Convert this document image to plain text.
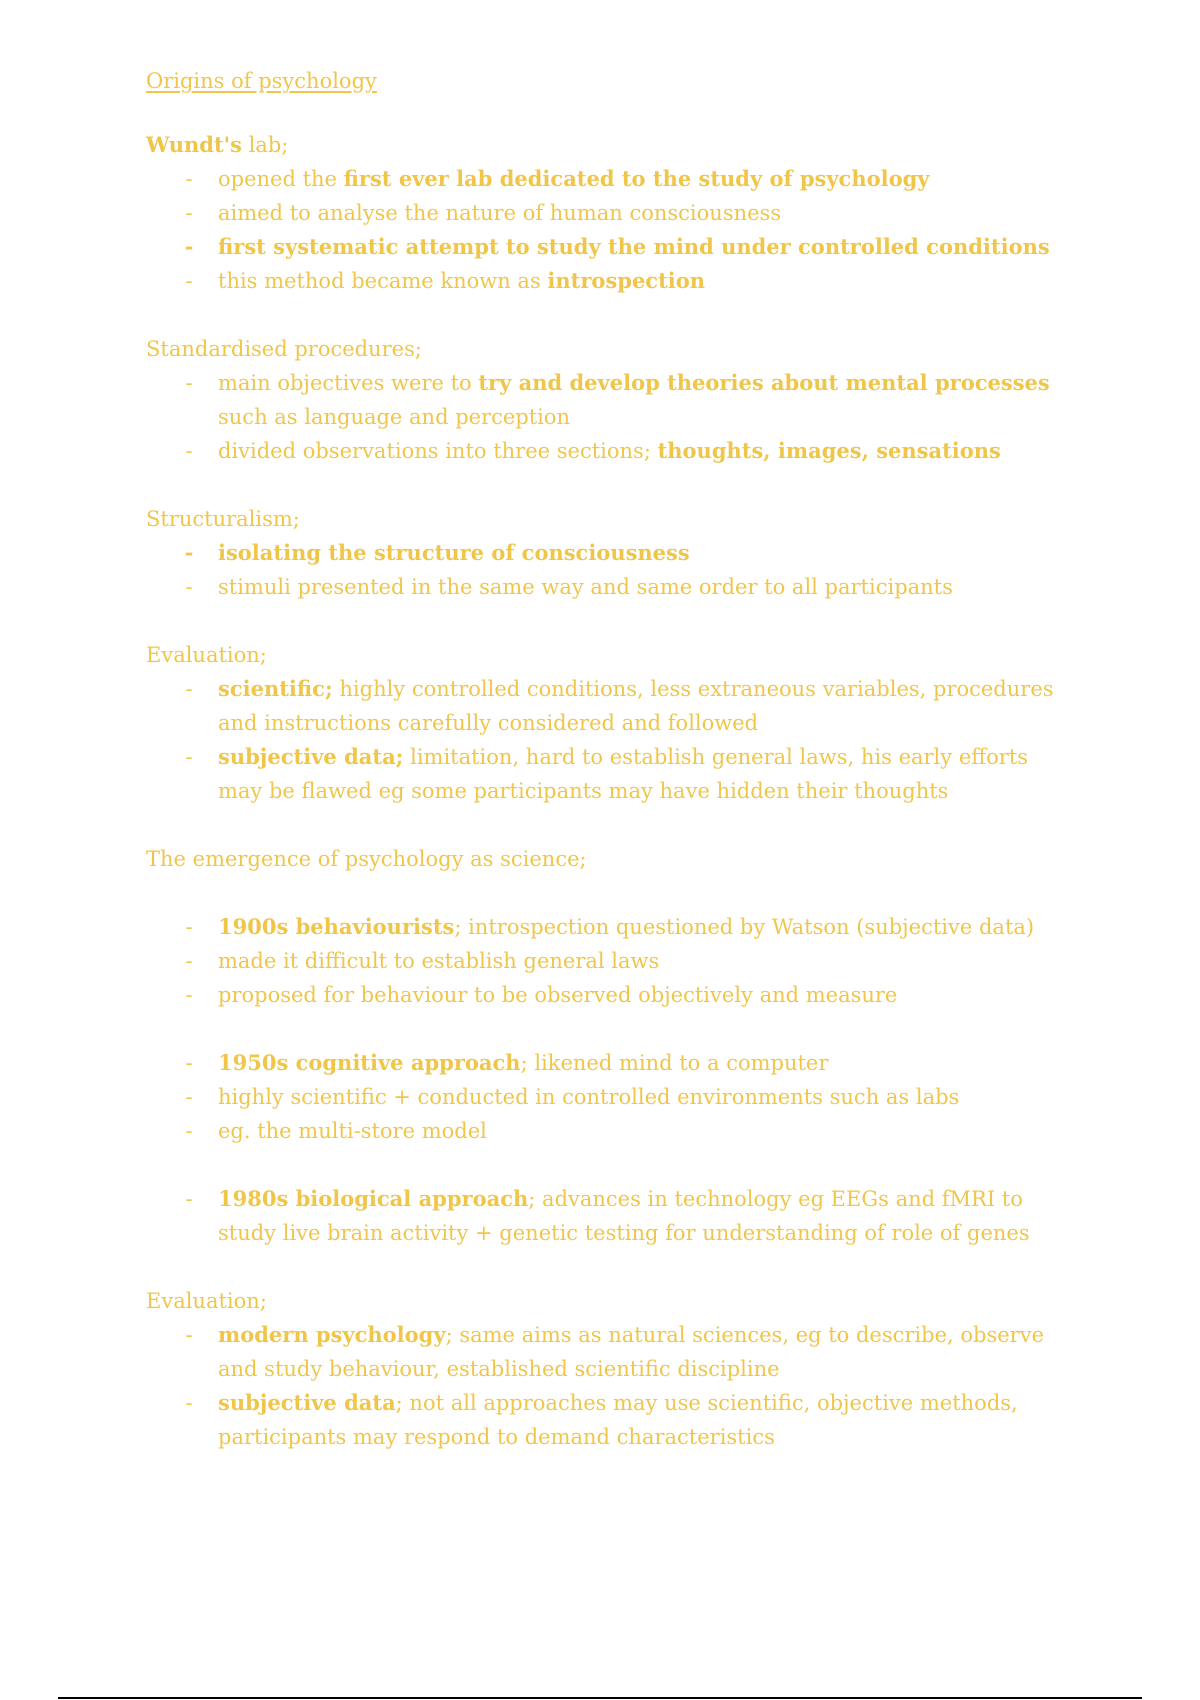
Origins of psychology
Wundt's lab;
- opened the first ever lab dedicated to the study of psychology
- aimed to analyse the nature of human consciousness
- first systematic attempt to study the mind under controlled conditions
- this method became known as introspection
Standardised procedures;
- main objectives were to try and develop theories about mental processes such as language and perception
- divided observations into three sections; thoughts, images, sensations
Structuralism;
- isolating the structure of consciousness
- stimuli presented in the same way and same order to all participants
Evaluation;
- scientific; highly controlled conditions, less extraneous variables, procedures and instructions carefully considered and followed
- subjective data; limitation, hard to establish general laws, his early efforts may be flawed eg some participants may have hidden their thoughts
The emergence of psychology as science;
- 1900s behaviourists; introspection questioned by Watson (subjective data)
- made it difficult to establish general laws
- proposed for behaviour to be observed objectively and measure
- 1950s cognitive approach; likened mind to a computer
- highly scientific + conducted in controlled environments such as labs
- eg. the multi-store model
- 1980s biological approach; advances in technology eg EEGs and fMRI to study live brain activity + genetic testing for understanding of role of genes
Evaluation;
- modern psychology; same aims as natural sciences, eg to describe, observe and study behaviour, established scientific discipline
- subjective data; not all approaches may use scientific, objective methods, participants may respond to demand characteristics
